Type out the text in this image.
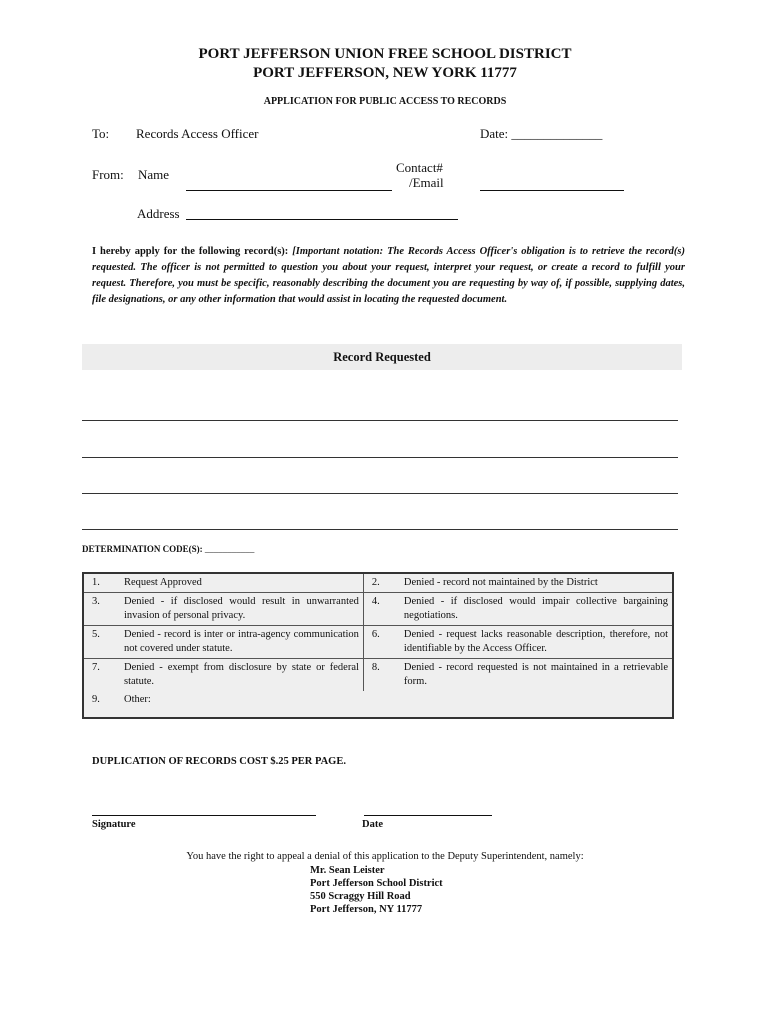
PORT JEFFERSON UNION FREE SCHOOL DISTRICT
PORT JEFFERSON, NEW YORK 11777
APPLICATION FOR PUBLIC ACCESS TO RECORDS
To: Records Access Officer	Date: ______________
From: Name	Contact#
/Email
Address
I hereby apply for the following record(s): [Important notation: The Records Access Officer's obligation is to retrieve the record(s) requested. The officer is not permitted to question you about your request, interpret your request, or create a record to fulfill your request. Therefore, you must be specific, reasonably describing the document you are requesting by way of, if possible, supplying dates, file designations, or any other information that would assist in locating the requested document.
Record Requested
DETERMINATION CODE(S): ___________
1.	Request Approved	2.	Denied - record not maintained by the District
3.	Denied - if disclosed would result in unwarranted invasion of personal privacy.	4.	Denied - if disclosed would impair collective bargaining negotiations.
5.	Denied - record is inter or intra-agency communication not covered under statute.	6.	Denied - request lacks reasonable description, therefore, not identifiable by the Access Officer.
7.	Denied - exempt from disclosure by state or federal statute.	8.	Denied - record requested is not maintained in a retrievable form.
9.	Other:		
DUPLICATION OF RECORDS COST $.25 PER PAGE.
Signature	Date
You have the right to appeal a denial of this application to the Deputy Superintendent, namely:
Mr. Sean Leister
Port Jefferson School District
550 Scraggy Hill Road
Port Jefferson, NY 11777
